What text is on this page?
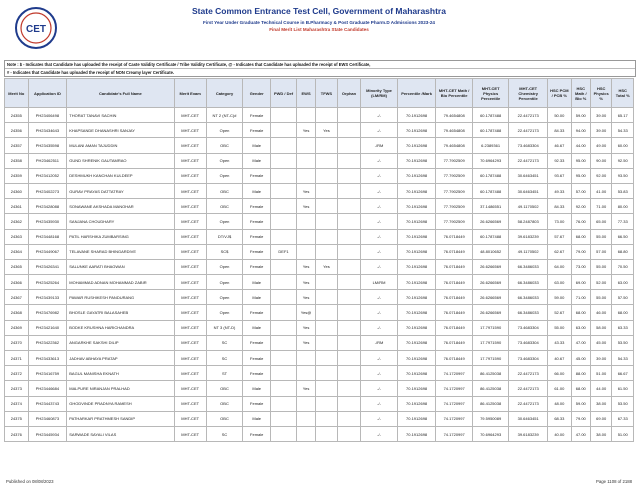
CET
State Common Entrance Test Cell, Government of Maharashtra
First Year Under Graduate Technical Course in B.Pharmacy & Post Graduate Pharm.D Admissions 2023-24
Final Merit List Maharashtra State Candidates
Note : $ - Indicates that Candidate has uploaded the receipt of Caste Validity Certificate / Tribe Validity Certificate, @ - Indicates that Candidate has uploaded the receipt of EWS Certificate,
# - Indicates that Candidate has uploaded the receipt of NON Creamy layer Certificate.
Merit No	Application ID	Candidate's Full Name	Merit Exam	Category	Gender	PWD / Def	EWS	TFWS	Orphan	Minority Type (LM/RM)	Percentile /Mark	MHT-CET Math / Bio Percentile	MHT-CET Physics Percentile	MHT-CET Chemistry Percentile	HSC PCM / PCB %	HSC Math / Bio %	HSC Physics %	HSC Total %
24355	PH23406498	THORAT TANAVI SACHIN	MHT-CET	NT 2 (NT-C)#	Female					-/-	70.1912698	79.4654808	60.1787488	22.4472173	50.00	59.00	39.00	65.17
24356	PH23434643	KHAPSANDE DHANASHRI SANJAY	MHT-CET	Open	Female		Yes	Yes		-/-	70.1912698	79.4654808	60.1787488	22.4472173	84.33	94.00	39.00	54.33
24357	PH23435598	MULANI AMAN TAJUDDIN	MHT-CET	OBC	Male					-/RM	70.1912698	79.4654808	6.2389361	73.4683304	46.67	44.00	49.00	60.00
24358	PH23462511	GUND SHRENIK GAUTAMRAO	MHT-CET	Open	Male					-/-	70.1912698	77.7902509	70.6964293	22.4472173	92.33	95.00	90.00	92.50
24359	PH23412052	DESHMUKH KANCHAN KULDEEP	MHT-CET	Open	Female					-/-	70.1912698	77.7902509	60.1787488	30.6463451	93.67	95.00	92.00	93.50
24360	PH23402273	GURAV PRAYAS DATTATRAY	MHT-CET	OBC	Male		Yes			-/-	70.1912698	77.7902509	60.1787488	30.6463451	49.33	57.00	41.00	53.83
24361	PH23428088	SONAWANE AKSHADA MANOHAR	MHT-CET	OBC	Female		Yes			-/-	70.1912698	77.7902509	37.1486551	49.1170502	84.33	92.00	71.00	80.00
24362	PH23435930	SANJANA CHOUDHARY	MHT-CET	Open	Female					-/-	70.1912698	77.7902509	26.6266569	58.2487803	73.00	76.00	65.00	77.33
24363	PH23448168	PATIL HARSHIKA ZUMBARSING	MHT-CET	DT/VJ$	Female					-/-	70.1912698	76.0718449	60.1787488	39.6183239	57.67	68.00	55.00	66.50
24364	PH23449067	TELAVANE SHARAD BHINGARDIVE	MHT-CET	SC$	Female	DEF1				-/-	70.1912698	76.0718449	48.8010652	49.1170502	62.67	79.00	57.00	68.80
24365	PH23426341	SALUNKE AARATI BHAGWAN	MHT-CET	Open	Female		Yes	Yes		-/-	70.1912698	76.0718449	26.6266569	66.3486033	64.00	73.00	55.00	70.50
24366	PH23425264	MOHAMMAD ADNAN MOHAMMAD ZABIR	MHT-CET	Open	Male		Yes			LM/RM	70.1912698	76.0718449	26.6266569	66.3486033	63.00	69.00	52.00	63.00
24367	PH23439133	PAWAR RUSHIKESH PANDURANG	MHT-CET	Open	Male		Yes			-/-	70.1912698	76.0718449	26.6266569	66.3486033	59.00	71.00	55.00	57.50
24368	PH23476982	BHOSLE GAYATRI BALASAHEB	MHT-CET	Open	Female		Yes@			-/-	70.1912698	76.0718449	26.6266569	66.3486033	52.67	68.00	46.00	68.00
24369	PH23421640	BODKE KRUSHNA HARICHANDRA	MHT-CET	NT 3 (NT-D)	Male		Yes			-/-	70.1912698	76.0718449	17.7971590	73.4683304	55.00	63.00	58.00	63.33
24370	PH23422362	ANGARKHE SAKSHI DILIP	MHT-CET	SC	Female		Yes			-/RM	70.1912698	76.0718449	17.7971590	73.4683304	43.33	47.00	45.00	53.50
24371	PH23433613	JADHAV ABHAYA PRATAP	MHT-CET	SC	Female					-/-	70.1912698	76.0718449	17.7971590	73.4683304	40.67	45.00	39.00	54.33
24372	PH23416759	BAGUL MANISHA EKNATH	MHT-CET	ST	Female					-/-	70.1912698	74.1720997	86.4125038	22.4472173	66.00	88.00	51.00	66.67
24373	PH23446684	MALPURE NIRANJAN PRALHAD	MHT-CET	OBC	Male		Yes			-/-	70.1912698	74.1720997	86.4125038	22.4472173	61.00	68.00	44.00	61.50
24374	PH23443743	GHODVINDE PRADNYA RAMESH	MHT-CET	OBC	Female					-/-	70.1912698	74.1720997	86.4125038	22.4472173	48.00	59.00	38.00	53.50
24375	PH23460873	PATHARKAR PRATHMESH SANDIP	MHT-CET	OBC	Male					-/-	70.1912698	74.1720997	79.5950089	30.6463451	68.33	79.00	69.00	67.33
24376	PH23445934	SARWADE SAYALI VILAS	MHT-CET	SC	Female					-/-	70.1912698	74.1720997	70.6964293	39.6183239	40.00	47.00	38.00	51.00
Published on 08/08/2023	Page 1108 of 2188
